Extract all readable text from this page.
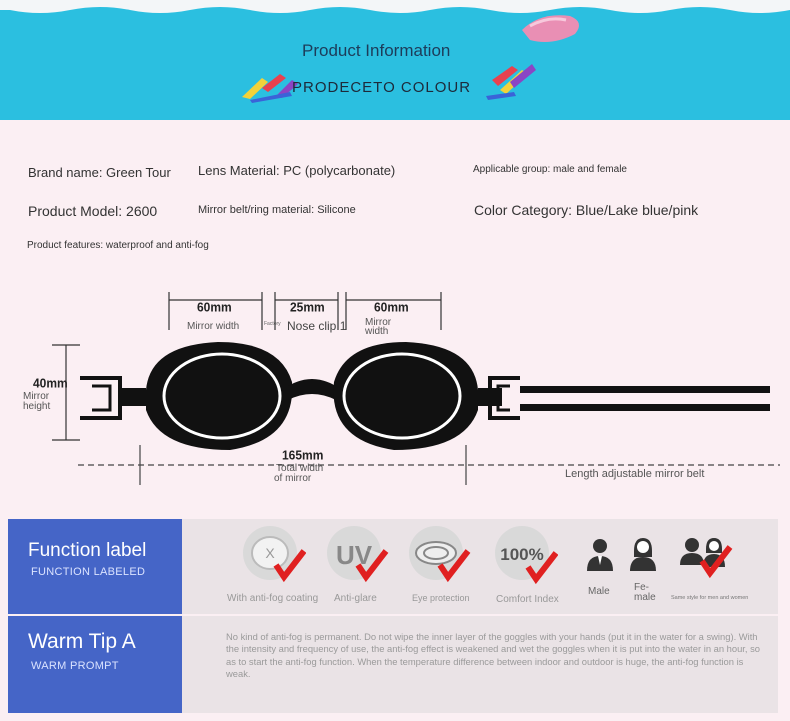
Product Information
PRODECETO COLOUR
Brand name: Green Tour Lens Material: PC (polycarbonate)	Applicable group: male and female
Product Model: 2600	Mirror belt/ring material: Silicone	Color Category: Blue/Lake blue/pink
Product features: waterproof and anti-fog
60mm
Mirror width	Factory
25mm
Nose clip 1
60mm
Mirror
width
40mm
Mirror
height
165mm
Total width
of mirror	Length adjustable mirror belt
Function label
FUNCTION LABELED
X UV	100%
With anti-fog coating Anti-glare	Eye protection	Comfort Index
Male Fe-
male	Same style for men and women
Warm Tip A
WARM PROMPT
No kind of anti-fog is permanent. Do not wipe the inner layer of the goggles with your hands (put it in the water for a swing). With the intensity and frequency of use, the anti-fog effect is weakened and wet the goggles when it is put into the water in an hour, so as to start the anti-fog function. When the temperature difference between indoor and outdoor is huge, the anti-fog function is weak.
